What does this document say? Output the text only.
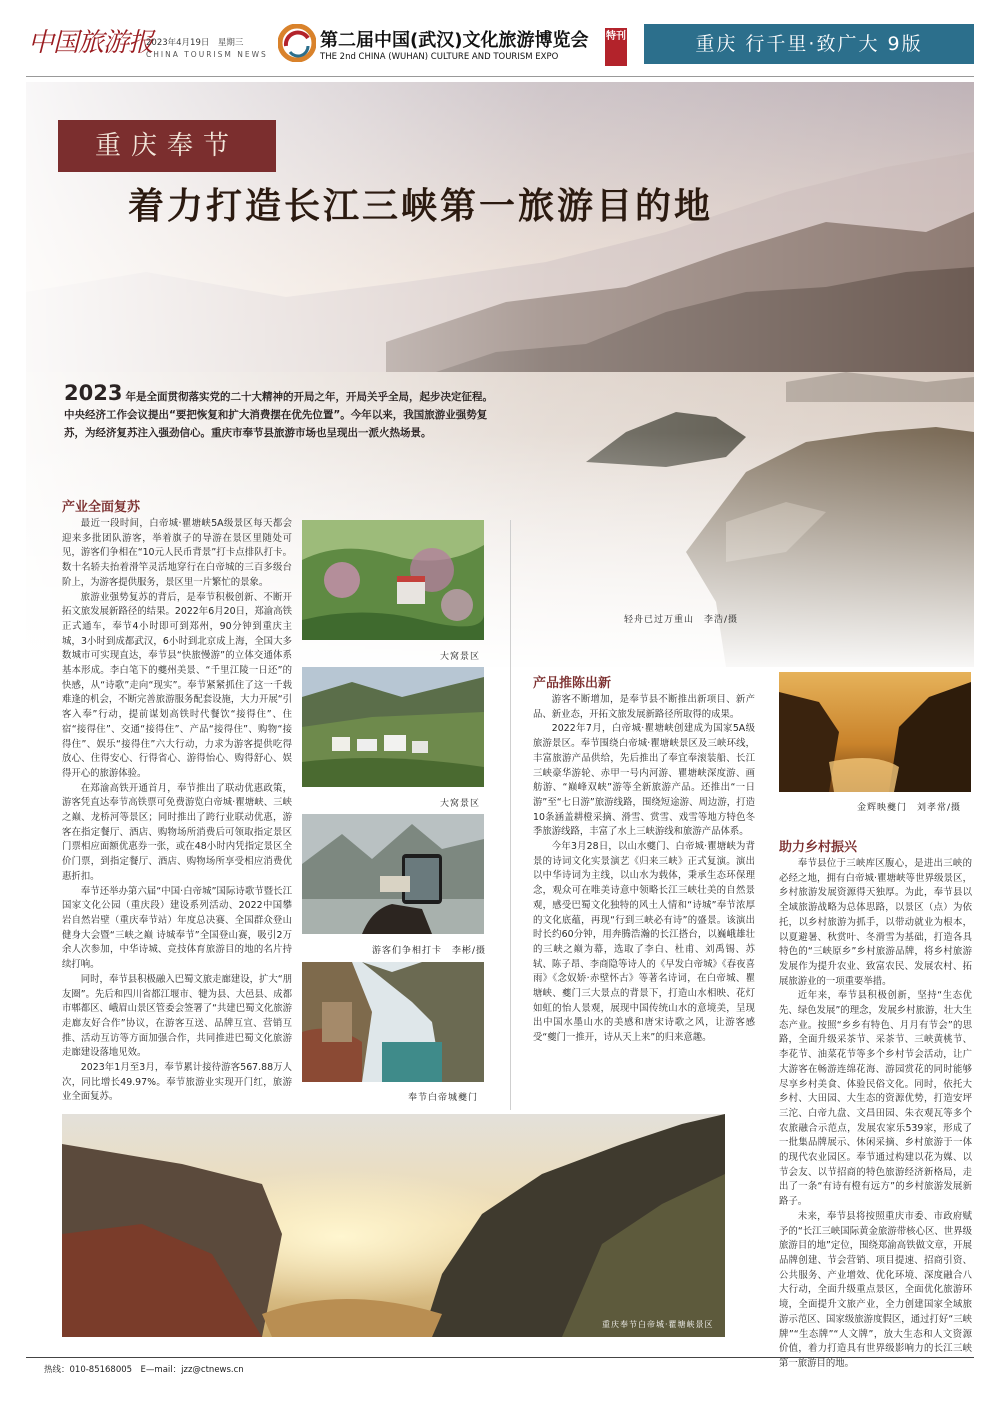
中国旅游报
2023年4月19日　星期三
CHINA TOURISM NEWS
第二届中国(武汉)文化旅游博览会
THE 2nd CHINA (WUHAN) CULTURE AND TOURISM EXPO
特刊	重庆 行千里·致广大 9版
重庆奉节
着力打造长江三峡第一旅游目的地
2023 年是全面贯彻落实党的二十大精神的开局之年，开局关乎全局，起步决定征程。中央经济工作会议提出“要把恢复和扩大消费摆在优先位置”。今年以来，我国旅游业强势复苏，为经济复苏注入强劲信心。重庆市奉节县旅游市场也呈现出一派火热场景。
轻舟已过万重山　李浩/摄
产业全面复苏

最近一段时间，白帝城·瞿塘峡5A级景区每天都会迎来多批团队游客，举着旗子的导游在景区里随处可见，游客们争相在“10元人民币背景”打卡点排队打卡。数十名轿夫抬着滑竿灵活地穿行在白帝城的三百多级台阶上，为游客提供服务，景区里一片繁忙的景象。

旅游业强势复苏的背后，是奉节积极创新、不断开拓文旅发展新路径的结果。2022年6月20日，郑渝高铁正式通车，奉节4小时即可到郑州，90分钟到重庆主城，3小时到成都武汉，6小时到北京成上海，全国大多数城市可实现直达，奉节县“快旅慢游”的立体交通体系基本形成。李白笔下的夔州美景、“千里江陵一日还”的快感，从“诗歌”走向“现实”。奉节紧紧抓住了这一千载难逢的机会，不断完善旅游服务配套设施，大力开展“引客入奉”行动，提前谋划高铁时代餐饮“接得住”、住宿“接得住”、交通“接得住”、产品“接得住”、购物“接得住”、娱乐“接得住”六大行动，力求为游客提供吃得放心、住得安心、行得省心、游得怡心、购得舒心、娱得开心的旅游体验。

在郑渝高铁开通首月，奉节推出了联动优惠政策，游客凭直达奉节高铁票可免费游览白帝城·瞿塘峡、三峡之巅、龙桥河等景区；同时推出了跨行业联动优惠，游客在指定餐厅、酒店、购物场所消费后可领取指定景区门票相应面额优惠券一张，或在48小时内凭指定景区全价门票，到指定餐厅、酒店、购物场所享受相应消费优惠折扣。

奉节还举办第六届“中国·白帝城”国际诗歌节暨长江国家文化公园（重庆段）建设系列活动、2022中国攀岩自然岩壁（重庆奉节站）年度总决赛、全国群众登山健身大会暨“三峡之巅 诗城奉节”全国登山赛，吸引2万余人次参加，中华诗城、竞技体育旅游目的地的名片持续打响。

同时，奉节县积极融入巴蜀文旅走廊建设，扩大“朋友圈”。先后和四川省都江堰市、犍为县、大邑县、成都市郫都区、峨眉山景区管委会签署了“共建巴蜀文化旅游走廊友好合作”协议，在游客互送、品牌互宣、营销互推、活动互访等方面加强合作，共同推进巴蜀文化旅游走廊建设落地见效。

2023年1月至3月，奉节累计接待游客567.88万人次，同比增长49.97%。奉节旅游业实现开门红，旅游业全面复苏。

大窝景区
大窝景区
游客们争相打卡　李彬/摄
奉节白帝城夔门
产品推陈出新

游客不断增加，是奉节县不断推出新项目、新产品、新业态，开拓文旅发展新路径所取得的成果。

2022年7月，白帝城·瞿塘峡创建成为国家5A级旅游景区。奉节围绕白帝城·瞿塘峡景区及三峡环线，丰富旅游产品供给，先后推出了奉宜奉滚装船、长江三峡豪华游轮、赤甲一号内河游、瞿塘峡深度游、画舫游、“巅峰双峡”游等全新旅游产品。还推出“一日游”至“七日游”旅游线路，围绕短途游、周边游，打造10条涵盖耕橙采摘、滑雪、赏雪、戏雪等地方特色冬季旅游线路，丰富了水上三峡游线和旅游产品体系。

今年3月28日，以山水夔门、白帝城·瞿塘峡为背景的诗词文化实景演艺《归来三峡》正式复演。演出以中华诗词为主线，以山水为载体，秉承生态环保理念，观众可在唯美诗意中领略长江三峡壮美的自然景观，感受巴蜀文化独特的风土人情和“诗城”奉节浓厚的文化底蕴，再现“行到三峡必有诗”的盛景。该演出时长约60分钟，用奔腾浩瀚的长江搭台，以巍峨雄壮的三峡之巅为幕，选取了李白、杜甫、刘禹锡、苏轼、陈子昂、李商隐等诗人的《早发白帝城》《春夜喜雨》《念奴娇·赤壁怀古》等著名诗词，在白帝城、瞿塘峡、夔门三大景点的背景下，打造山水相映、花灯如虹的怡人景观，展现中国传统山水的意境美，呈现出中国水墨山水的美感和唐宋诗歌之风，让游客感受“夔门一推开，诗从天上来”的归来意趣。

重庆奉节白帝城·瞿塘峡景区
金辉映夔门　刘孝常/摄
助力乡村振兴

奉节县位于三峡库区腹心，是进出三峡的必经之地，拥有白帝城·瞿塘峡等世界级景区，乡村旅游发展资源得天独厚。为此，奉节县以全域旅游战略为总体思路，以景区（点）为依托，以乡村旅游为抓手，以带动就业为根本，以夏避暑、秋赏叶、冬滑雪为基础，打造各具特色的“三峡原乡”乡村旅游品牌，将乡村旅游发展作为提升农业、致富农民、发展农村、拓展旅游业的一项重要举措。

近年来，奉节县积极创新，坚持“生态优先、绿色发展”的理念，发展乡村旅游，壮大生态产业。按照“乡乡有特色、月月有节会”的思路，全面升级采茶节、采茶节、三峡黄桃节、李花节、油菜花节等多个乡村节会活动，让广大游客在畅游连绵花海、游园赏花的同时能够尽享乡村美食、体验民俗文化。同时，依托大乡村、大田园、大生态的资源优势，打造安坪三沱、白帝九盘、文昌田园、朱衣观瓦等多个农旅融合示范点，发展农家乐539家，形成了一批集品牌展示、休闲采摘、乡村旅游于一体的现代农业园区。奉节通过构建以花为媒、以节会友、以节招商的特色旅游经济新格局，走出了一条“有诗有橙有远方”的乡村旅游发展新路子。

未来，奉节县将按照重庆市委、市政府赋予的“长江三峡国际黄金旅游带核心区、世界级旅游目的地”定位，围绕郑渝高铁做文章，开展品牌创建、节会营销、项目提速、招商引资、公共服务、产业增效、优化环境、深度融合八大行动，全面升级重点景区，全面优化旅游环境，全面提升文旅产业，全力创建国家全域旅游示范区、国家级旅游度假区，通过打好“三峡牌”“生态牌”“人文牌”，放大生态和人文资源价值，着力打造具有世界级影响力的长江三峡第一旅游目的地。

热线：010-85168005　E—mail：jzz@ctnews.cn
